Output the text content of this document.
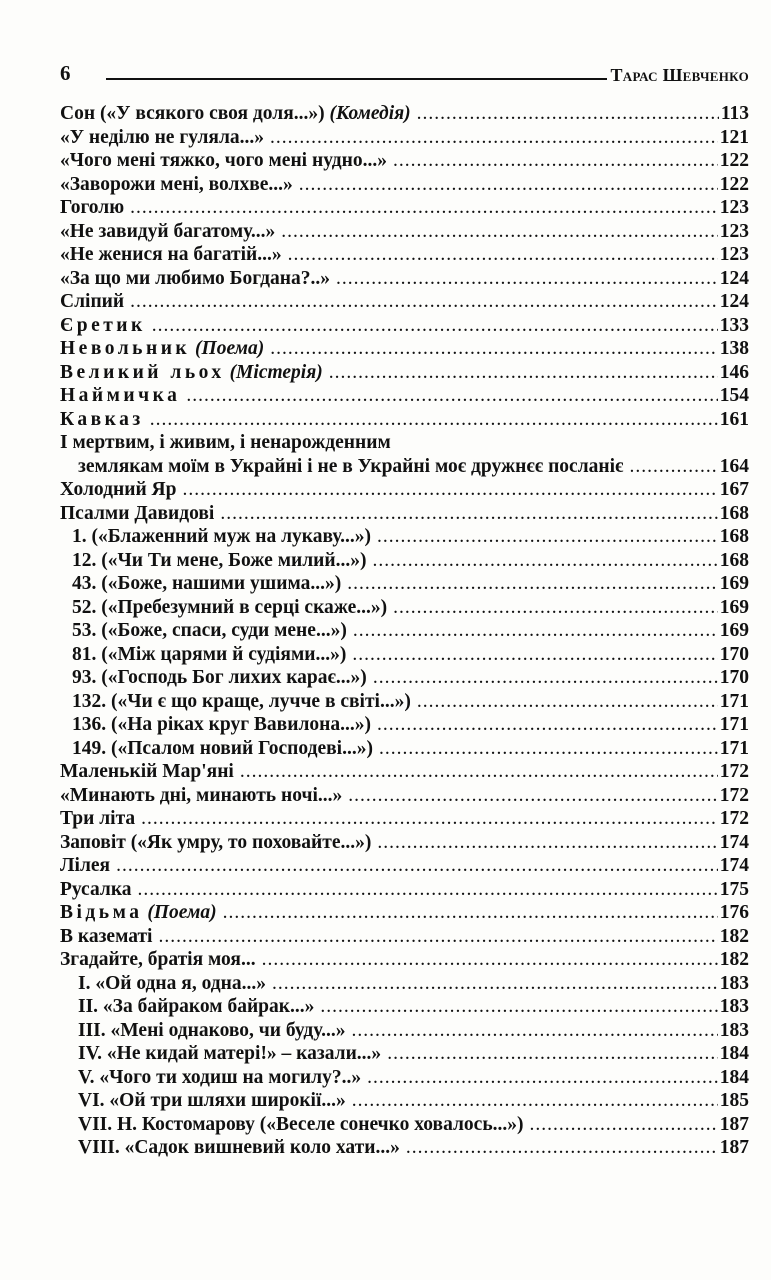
6	Тарас Шевченко
Сон («У всякого своя доля...») (Комедія) .....	113
«У неділю не гуляла...» .....	121
«Чого мені тяжко, чого мені нудно...» .....	122
«Заворожи мені, волхве...» .....	122
Гоголю .....	123
«Не завидуй багатому...» .....	123
«Не женися на багатій...» .....	123
«За що ми любимо Богдана?..» .....	124
Сліпий .....	124
Єретик .....	133
Невольник (Поема) .....	138
Великий льох (Містерія) .....	146
Наймичка .....	154
Кавказ .....	161
І мертвим, і живим, і ненарожденним
землякам моїм в Украйні і не в Украйні моє дружнєє посланіє .....	164
Холодний Яр .....	167
Псалми Давидові .....	168
1. («Блаженний муж на лукаву...») .....	168
12. («Чи Ти мене, Боже милий...») .....	168
43. («Боже, нашими ушима...») .....	169
52. («Пребезумний в серці скаже...») .....	169
53. («Боже, спаси, суди мене...») .....	169
81. («Між царями й судіями...») .....	170
93. («Господь Бог лихих карає...») .....	170
132. («Чи є що краще, лучче в світі...») .....	171
136. («На ріках круг Вавилона...») .....	171
149. («Псалом новий Господеві...») .....	171
Маленькій Мар'яні .....	172
«Минають дні, минають ночі...» .....	172
Три літа .....	172
Заповіт («Як умру, то поховайте...») .....	174
Лілея .....	174
Русалка .....	175
Відьма (Поема) .....	176
В казематі .....	182
Згадайте, братія моя... .....	182
І. «Ой одна я, одна...» .....	183
ІІ. «За байраком байрак...» .....	183
ІІІ. «Мені однаково, чи буду...» .....	183
IV. «Не кидай матері!» – казали...» .....	184
V. «Чого ти ходиш на могилу?..» .....	184
VI. «Ой три шляхи широкії...» .....	185
VII. Н. Костомарову («Веселе сонечко ховалось...») .....	187
VIII. «Садок вишневий коло хати...» .....	187
